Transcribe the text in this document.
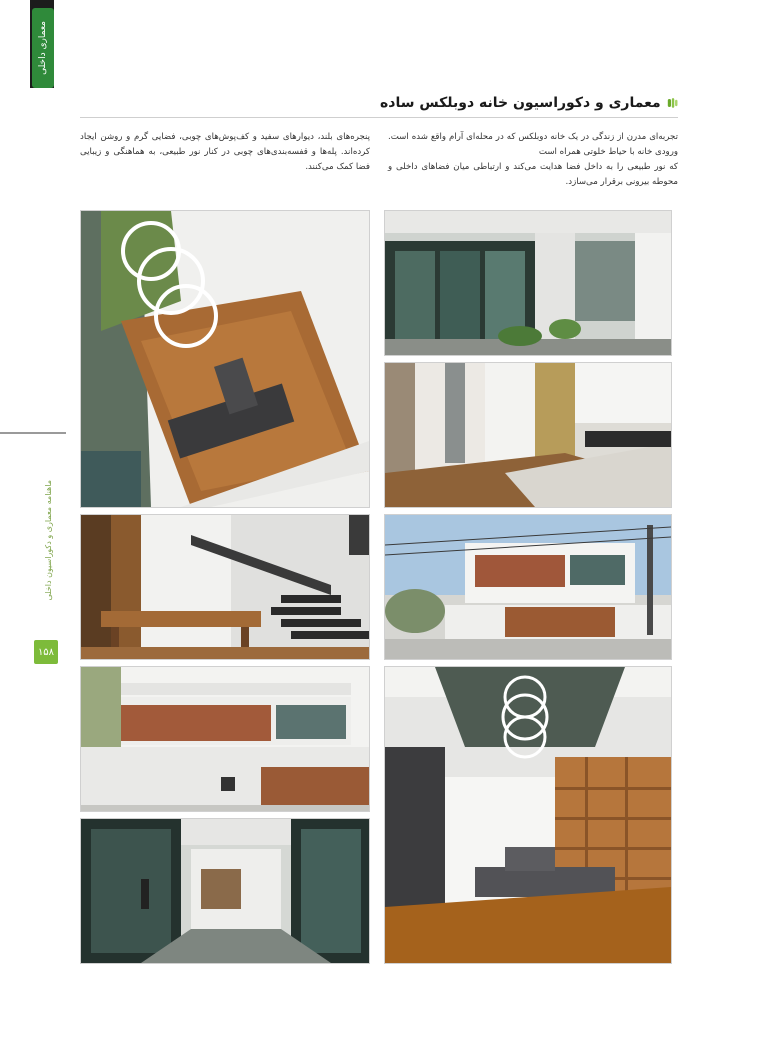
معماری داخلی
ماهنامه معماری و دکوراسیون داخلی
۱۵۸
معماری و دکوراسیون خانه دوبلکس ساده
تجربه‌ای مدرن از زندگی در یک خانه دوبلکس که در محله‌ای آرام واقع شده است. ورودی خانه با حیاط خلوتی همراه است
که نور طبیعی را به داخل فضا هدایت می‌کند و ارتباطی میان فضاهای داخلی و محوطه بیرونی برقرار می‌سازد.
پنجره‌های بلند، دیوارهای سفید و کف‌پوش‌های چوبی، فضایی گرم و روشن ایجاد کرده‌اند. پله‌ها و قفسه‌بندی‌های چوبی در کنار نور طبیعی، به هماهنگی و زیبایی فضا کمک می‌کنند.
